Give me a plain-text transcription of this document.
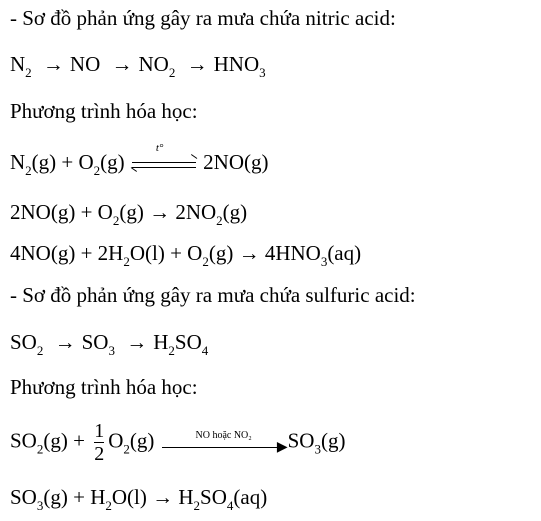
- Sơ đồ phản ứng gây ra mưa chứa nitric acid:
$N_2$ → NO → $NO_2 \to HNO_3$
Phương trình hóa học:
$N_2(g) + O_2(g)$
t°
2NO(g)
$2NO(g) + O_2(g) \to 2NO_2(g)$
$4NO(g) + 2H_2O(l) + O_2(g) \to 4HNO_3(aq)$
- Sơ đồ phản ứng gây ra mưa chứa sulfuric acid:
$SO_2 \to SO_3 \to H_2SO_4$
Phương trình hóa học:
$SO_2(g) + \frac{1}{2} O_2(g)$	NO hoặc NO₂
▶ $SO_3(g)$
$SO_3(g) + H_2O(l) \to H_2SO_4(aq)$
